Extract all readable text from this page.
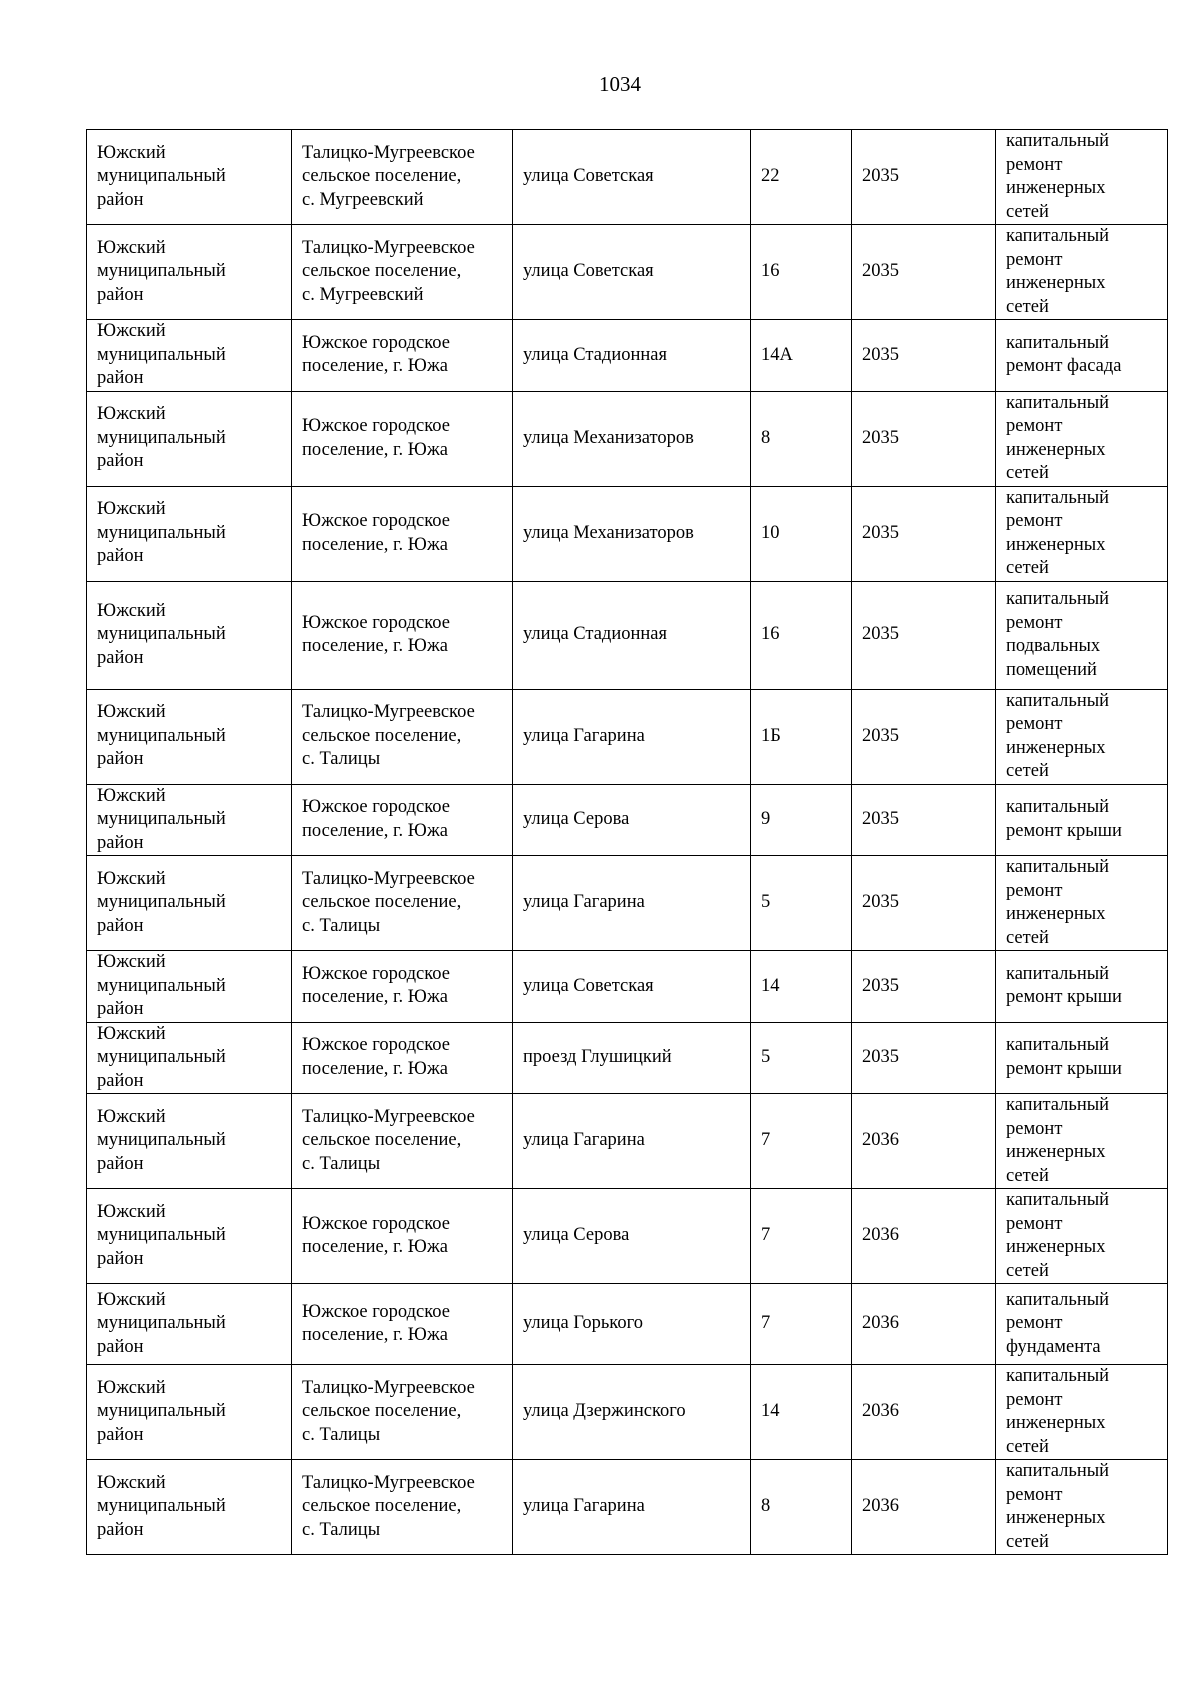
1034
Южский
муниципальный
район	Талицко-Мугреевское
сельское поселение,
с. Мугреевский	улица Советская	22	2035	капитальный
ремонт
инженерных
сетей
Южский
муниципальный
район	Талицко-Мугреевское
сельское поселение,
с. Мугреевский	улица Советская	16	2035	капитальный
ремонт
инженерных
сетей
Южский
муниципальный
район	Южское городское
поселение, г. Южа	улица Стадионная	14А	2035	капитальный
ремонт фасада
Южский
муниципальный
район	Южское городское
поселение, г. Южа	улица Механизаторов	8	2035	капитальный
ремонт
инженерных
сетей
Южский
муниципальный
район	Южское городское
поселение, г. Южа	улица Механизаторов	10	2035	капитальный
ремонт
инженерных
сетей
Южский
муниципальный
район	Южское городское
поселение, г. Южа	улица Стадионная	16	2035	капитальный
ремонт
подвальных
помещений
Южский
муниципальный
район	Талицко-Мугреевское
сельское поселение,
с. Талицы	улица Гагарина	1Б	2035	капитальный
ремонт
инженерных
сетей
Южский
муниципальный
район	Южское городское
поселение, г. Южа	улица Серова	9	2035	капитальный
ремонт крыши
Южский
муниципальный
район	Талицко-Мугреевское
сельское поселение,
с. Талицы	улица Гагарина	5	2035	капитальный
ремонт
инженерных
сетей
Южский
муниципальный
район	Южское городское
поселение, г. Южа	улица Советская	14	2035	капитальный
ремонт крыши
Южский
муниципальный
район	Южское городское
поселение, г. Южа	проезд Глушицкий	5	2035	капитальный
ремонт крыши
Южский
муниципальный
район	Талицко-Мугреевское
сельское поселение,
с. Талицы	улица Гагарина	7	2036	капитальный
ремонт
инженерных
сетей
Южский
муниципальный
район	Южское городское
поселение, г. Южа	улица Серова	7	2036	капитальный
ремонт
инженерных
сетей
Южский
муниципальный
район	Южское городское
поселение, г. Южа	улица Горького	7	2036	капитальный
ремонт
фундамента
Южский
муниципальный
район	Талицко-Мугреевское
сельское поселение,
с. Талицы	улица Дзержинского	14	2036	капитальный
ремонт
инженерных
сетей
Южский
муниципальный
район	Талицко-Мугреевское
сельское поселение,
с. Талицы	улица Гагарина	8	2036	капитальный
ремонт
инженерных
сетей
